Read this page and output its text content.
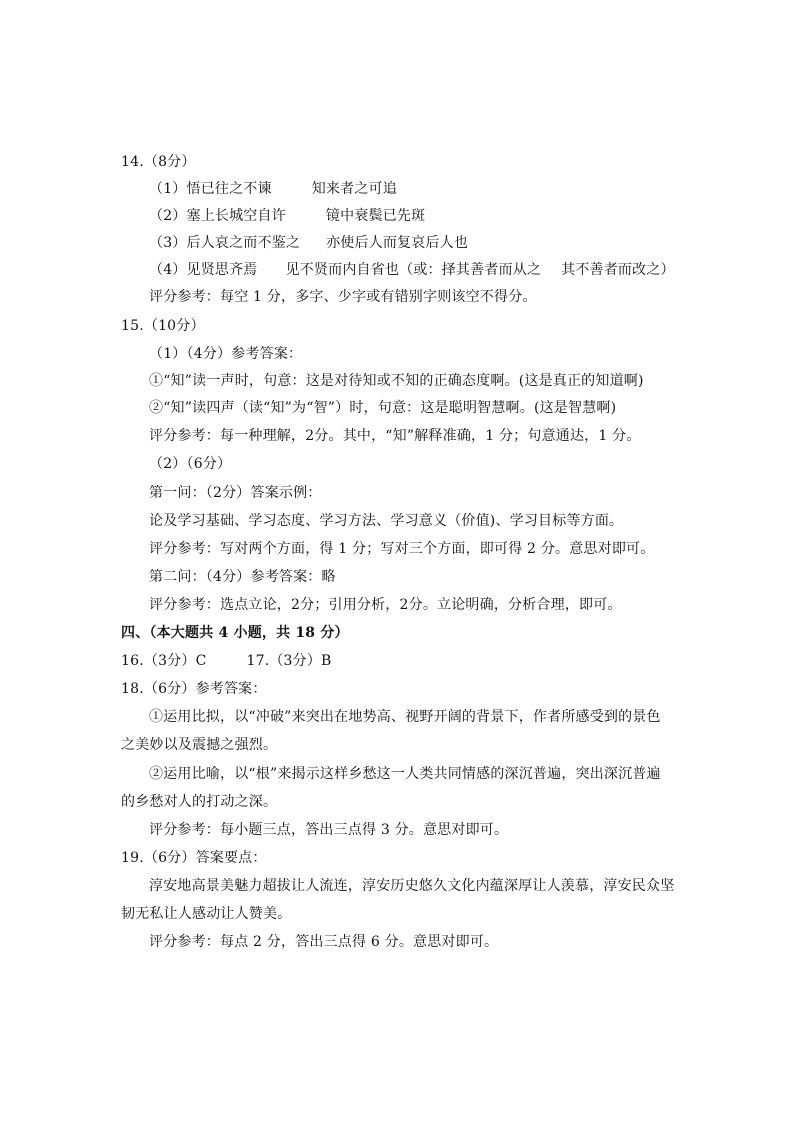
14.（8分）
（1）悟已往之不谏	知来者之可追
（2）塞上长城空自许	镜中衰鬓已先斑
（3）后人哀之而不鉴之 亦使后人而复哀后人也
（4）见贤思齐焉 见不贤而内自省也（或：择其善者而从之 其不善者而改之）
评分参考：每空 1 分，多字、少字或有错别字则该空不得分。
15.（10分）
（1）（4分）参考答案：
①“知”读一声时，句意：这是对待知或不知的正确态度啊。(这是真正的知道啊)
②“知”读四声（读“知”为“智”）时，句意：这是聪明智慧啊。(这是智慧啊)
评分参考：每一种理解，2分。其中，“知”解释准确，1 分；句意通达，1 分。
（2）（6分）
第一问：（2分）答案示例：
论及学习基础、学习态度、学习方法、学习意义（价值)、学习目标等方面。
评分参考：写对两个方面，得 1 分；写对三个方面，即可得 2 分。意思对即可。
第二问：（4分）参考答案：略
评分参考：选点立论，2分；引用分析，2分。立论明确，分析合理，即可。
四、（本大题共 4 小题，共 18 分）
16.（3分）C	17.（3分）B
18.（6分）参考答案：
①运用比拟，以“冲破”来突出在地势高、视野开阔的背景下，作者所感受到的景色
之美妙以及震撼之强烈。
②运用比喻，以“根”来揭示这样乡愁这一人类共同情感的深沉普遍，突出深沉普遍
的乡愁对人的打动之深。
评分参考：每小题三点，答出三点得 3 分。意思对即可。
19.（6分）答案要点：
淳安地高景美魅力超拔让人流连，淳安历史悠久文化内蕴深厚让人羡慕，淳安民众坚
韧无私让人感动让人赞美。
评分参考：每点 2 分，答出三点得 6 分。意思对即可。
